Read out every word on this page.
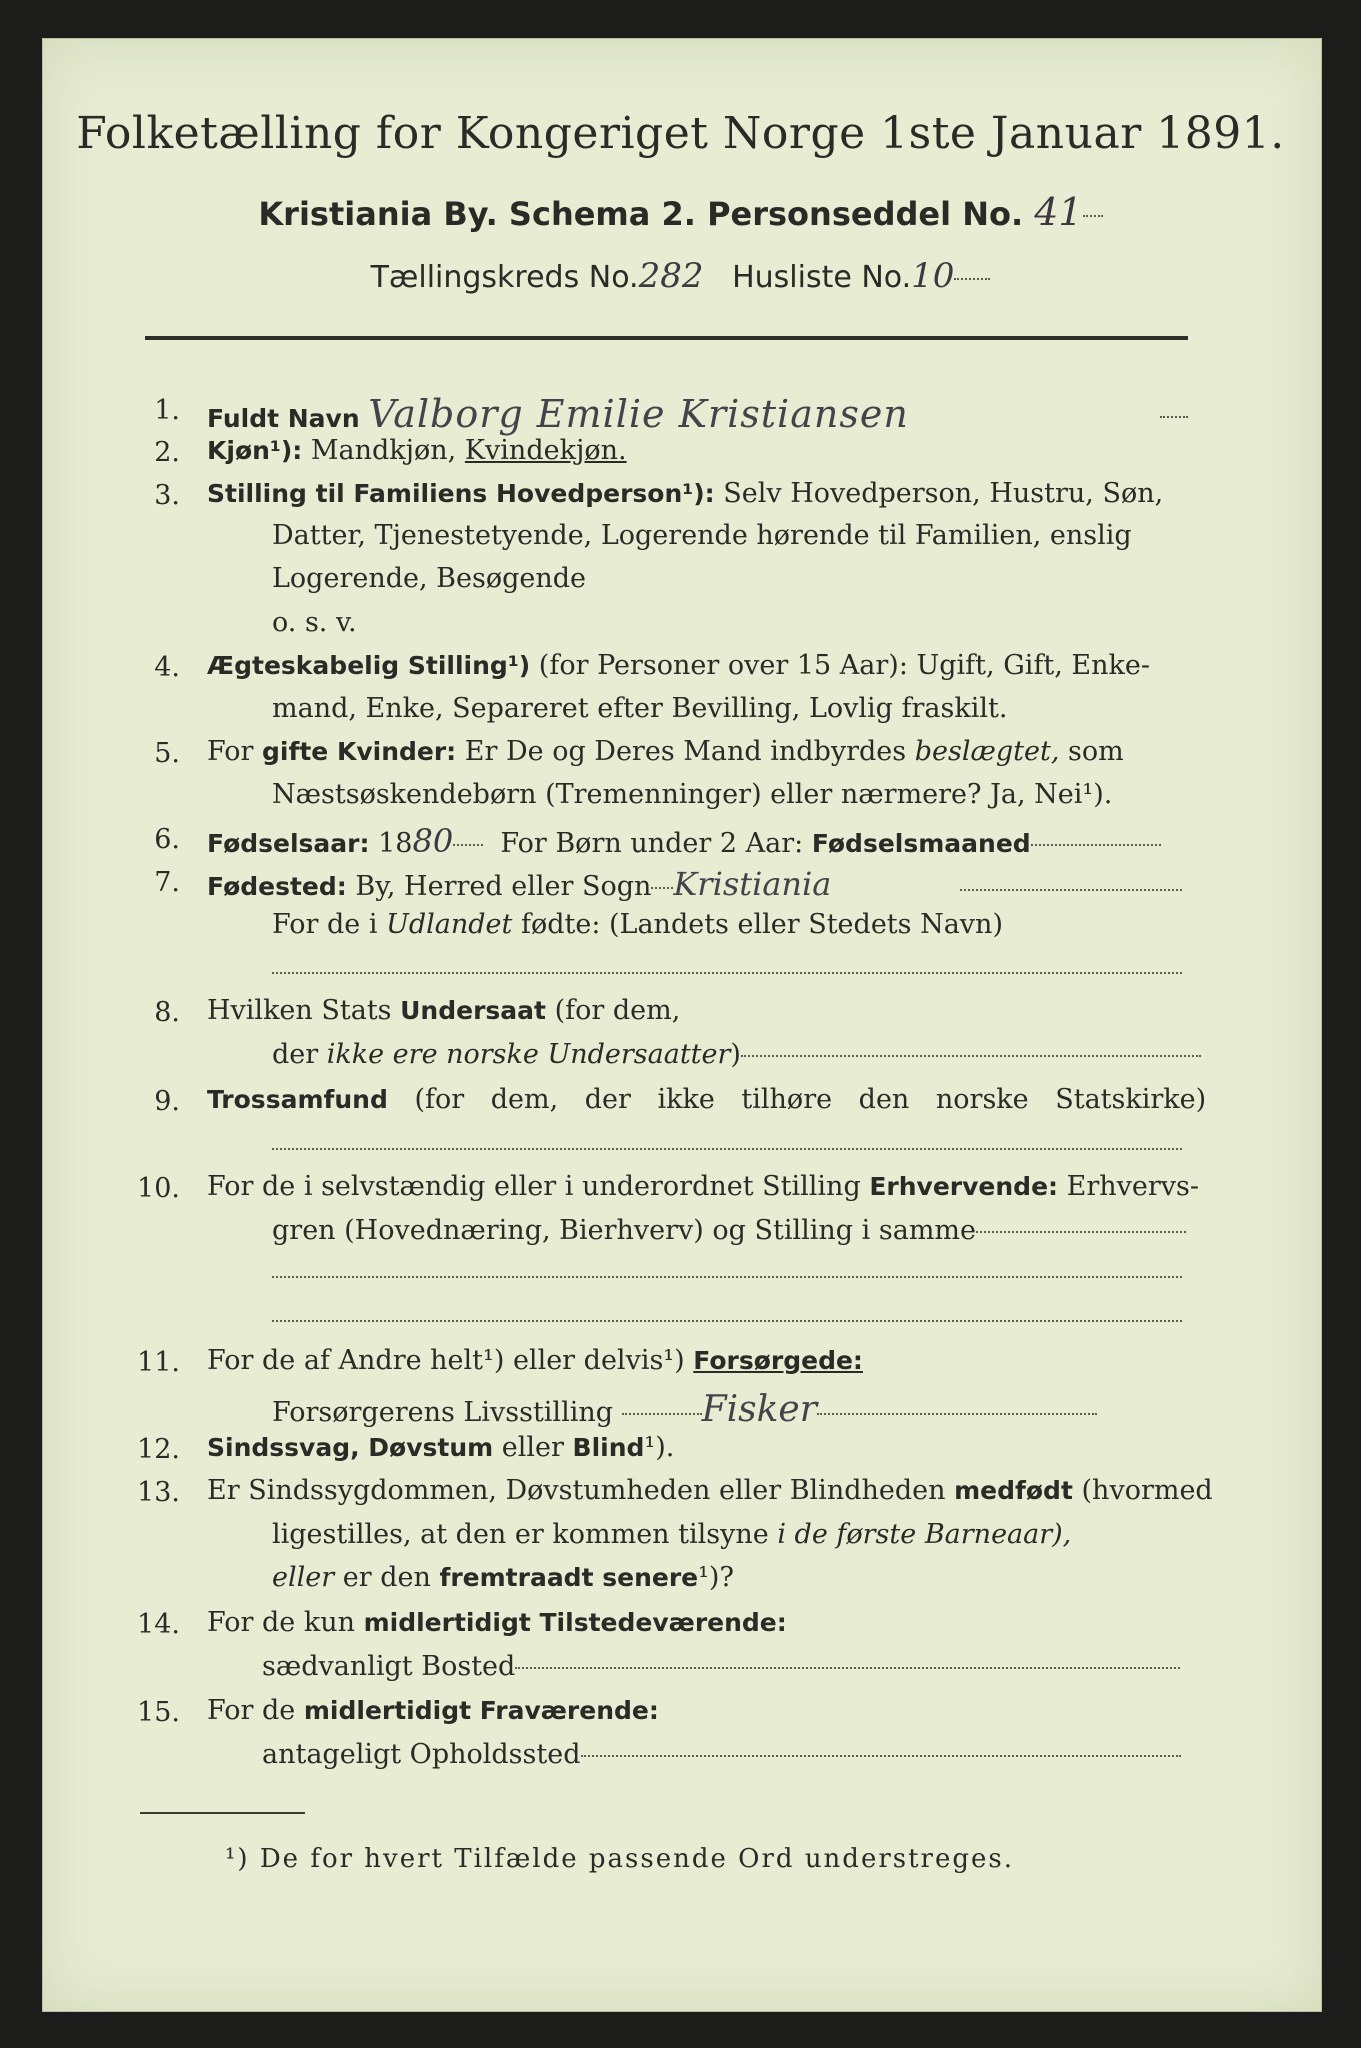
Folketælling for Kongeriget Norge 1ste Januar 1891.
Kristiania By. Schema 2. Personseddel No. 41
Tællingskreds No.282 Husliste No.10
1. Fuldt Navn Valborg Emilie Kristiansen
2. Kjøn¹): Mandkjøn, Kvindekjøn.
3. Stilling til Familiens Hovedperson¹): Selv Hovedperson, Hustru, Søn,
Datter, Tjenestetyende, Logerende hørende til Familien, enslig
Logerende, Besøgende
o. s. v.
4. Ægteskabelig Stilling¹) (for Personer over 15 Aar): Ugift, Gift, Enke-
mand, Enke, Separeret efter Bevilling, Lovlig fraskilt.
5. For gifte Kvinder: Er De og Deres Mand indbyrdes beslægtet, som
Næstsøskendebørn (Tremenninger) eller nærmere? Ja, Nei¹).
6. Fødselsaar: 1880 For Børn under 2 Aar: Fødselsmaaned
7. Fødested: By, Herred eller Sogn Kristiania
For de i Udlandet fødte: (Landets eller Stedets Navn)
8. Hvilken Stats Undersaat (for dem,
der ikke ere norske Undersaatter)
9. Trossamfund (for dem, der ikke tilhøre den norske Statskirke)
10. For de i selvstændig eller i underordnet Stilling Erhvervende: Erhvervs-
gren (Hovednæring, Bierhverv) og Stilling i samme
11. For de af Andre helt¹) eller delvis¹) Forsørgede:
Forsørgerens Livsstilling Fisker
12. Sindssvag, Døvstum eller Blind¹).
13. Er Sindssygdommen, Døvstumheden eller Blindheden medfødt (hvormed
ligestilles, at den er kommen tilsyne i de første Barneaar),
eller er den fremtraadt senere¹)?
14. For de kun midlertidigt Tilstedeværende:
sædvanligt Bosted
15. For de midlertidigt Fraværende:
antageligt Opholdssted
¹) De for hvert Tilfælde passende Ord understreges.
